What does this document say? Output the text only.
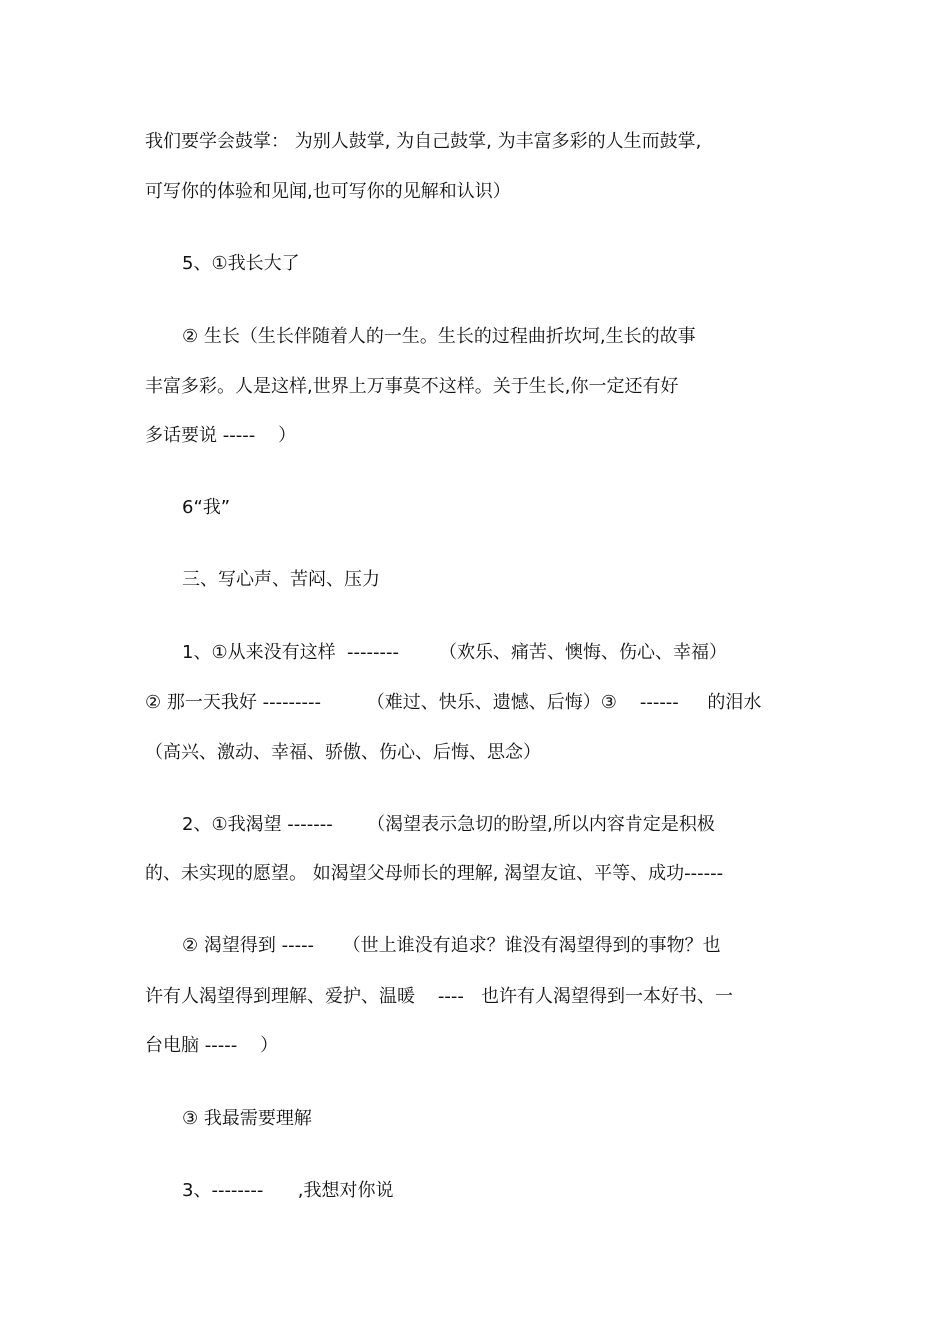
我们要学会鼓掌： 为别人鼓掌, 为自己鼓掌, 为丰富多彩的人生而鼓掌,
可写你的体验和见闻,也可写你的见解和认识）
5、①我长大了
② 生长（生长伴随着人的一生。生长的过程曲折坎坷,生长的故事
丰富多彩。人是这样,世界上万事莫不这样。关于生长,你一定还有好
多话要说 -----    ）
6“我”
三、写心声、苦闷、压力
1、①从来没有这样  --------       （欢乐、痛苦、懊悔、伤心、幸福）
② 那一天我好 ---------        （难过、快乐、遗憾、后悔）③    ------     的泪水
（高兴、激动、幸福、骄傲、伤心、后悔、思念）
2、①我渴望 -------      （渴望表示急切的盼望,所以内容肯定是积极
的、未实现的愿望。 如渴望父母师长的理解, 渴望友谊、平等、成功------
② 渴望得到 -----     （世上谁没有追求？谁没有渴望得到的事物？也
许有人渴望得到理解、爱护、温暖    ----   也许有人渴望得到一本好书、一
台电脑 -----    ）
③ 我最需要理解
3、--------      ,我想对你说
